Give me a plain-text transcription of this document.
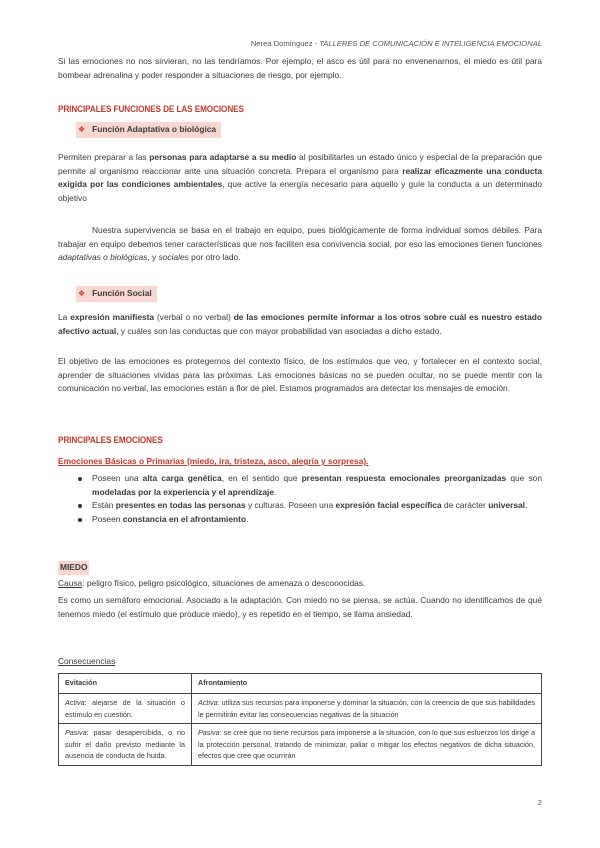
Nerea Domínguez - TALLERES DE COMUNICACIÓN E INTELIGENCIA EMOCIONAL
Si las emociones no nos sirvieran, no las tendríamos. Por ejemplo, el asco es útil para no envenenarnos, el miedo es útil para bombear adrenalina y poder responder a situaciones de riesgo, por ejemplo.
PRINCIPALES FUNCIONES DE LAS EMOCIONES
❖ Función Adaptativa o biológica
Permiten preparar a las personas para adaptarse a su medio al posibilitarles un estado único y especial de la preparación que permite al organismo reaccionar ante una situación concreta. Prepara el organismo para realizar eficazmente una conducta exigida por las condiciones ambientales, que active la energía necesario para aquello y guíe la conducta a un determinado objetivo
Nuestra supervivencia se basa en el trabajo en equipo, pues biológicamente de forma individual somos débiles. Para trabajar en equipo debemos tener características que nos faciliten esa convivencia social, por eso las emociones tienen funciones adaptativas o biológicas, y sociales por otro lado.
❖ Función Social
La expresión manifiesta (verbal o no verbal) de las emociones permite informar a los otros sobre cuál es nuestro estado afectivo actual, y cuáles son las conductas que con mayor probabilidad van asociadas a dicho estado.
El objetivo de las emociones es protegernos del contexto físico, de los estímulos que veo, y fortalecer en el contexto social, aprender de situaciones vividas para las próximas. Las emociones básicas no se pueden ocultar, no se puede mentir con la comunicación no verbal, las emociones están a flor de piel. Estamos programados ara detectar los mensajes de emoción.
PRINCIPALES EMOCIONES
Emociones Básicas o Primarias (miedo, ira, tristeza, asco, alegría y sorpresa).
Poseen una alta carga genética, en el sentido que presentan respuesta emocionales preorganizadas que son modeladas por la experiencia y el aprendizaje.
Están presentes en todas las personas y culturas. Poseen una expresión facial específica de carácter universal.
Poseen constancia en el afrontamiento.
MIEDO
Causa: peligro físico, peligro psicológico, situaciones de amenaza o desconocidas.
Es como un semáforo emocional. Asociado a la adaptación. Con miedo no se piensa, se actúa. Cuando no identificamos de qué tenemos miedo (el estímulo que produce miedo), y es repetido en el tiempo, se llama ansiedad.
Consecuencias
Evitación	Afrontamiento
Activa: alejarse de la situación o estímulo en cuestión.	Activa: utiliza sus recursos para imponerse y dominar la situación, con la creencia de que sus habilidades le permitirán evitar las consecuencias negativas de la situación
Pasiva: pasar desapercibida, o no sufrir el daño previsto mediante la ausencia de conducta de huida.	Pasiva: se cree que no tiene recursos para imponerse a la situación, con lo que sus esfuerzos los dirige a la protección personal, tratando de minimizar, paliar o mitigar los efectos negativos de dicha situación, efectos que cree que ocurrirán
2
